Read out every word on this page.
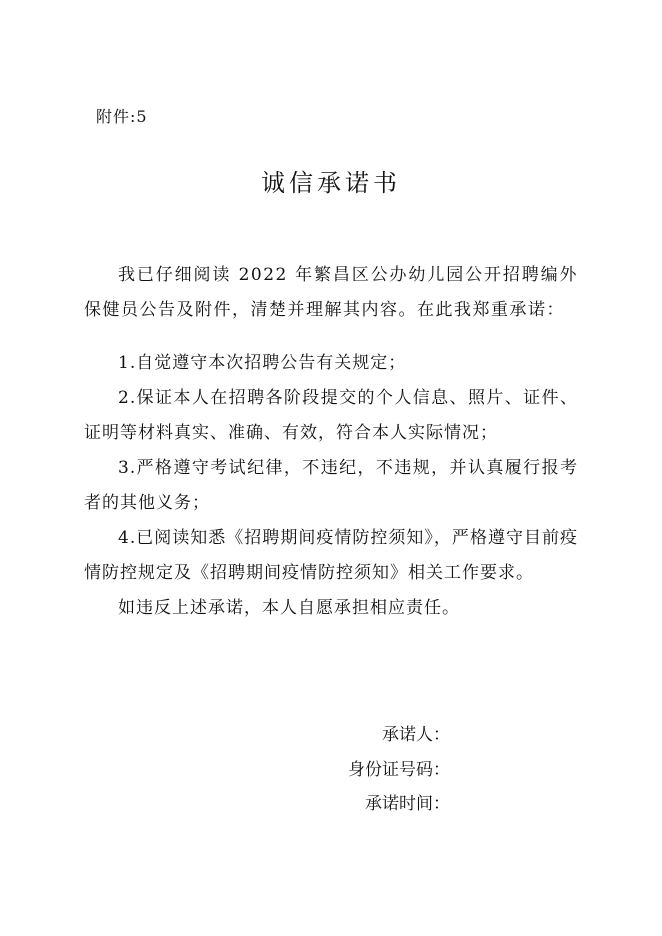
附件:5
诚信承诺书

我已仔细阅读 2022 年繁昌区公办幼儿园公开招聘编外保健员公告及附件，清楚并理解其内容。在此我郑重承诺：

1.自觉遵守本次招聘公告有关规定；

2.保证本人在招聘各阶段提交的个人信息、照片、证件、证明等材料真实、准确、有效，符合本人实际情况；

3.严格遵守考试纪律，不违纪，不违规，并认真履行报考者的其他义务；

4.已阅读知悉《招聘期间疫情防控须知》，严格遵守目前疫情防控规定及《招聘期间疫情防控须知》相关工作要求。

如违反上述承诺，本人自愿承担相应责任。

承诺人：
身份证号码：
承诺时间：
